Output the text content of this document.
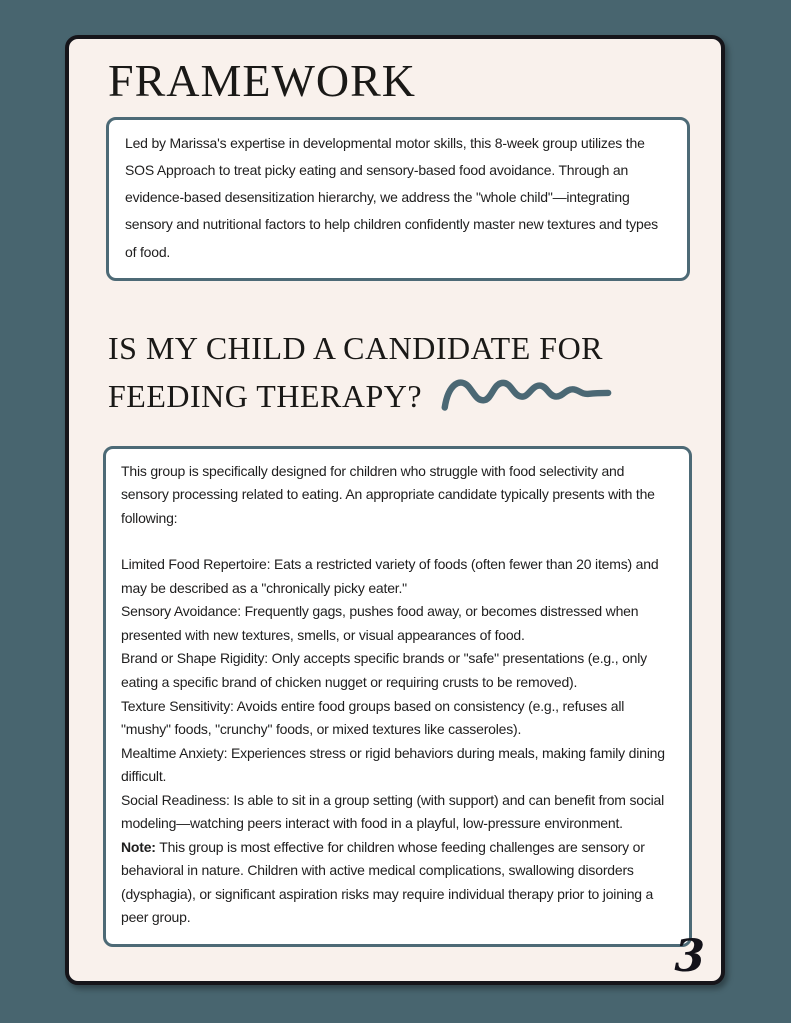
FRAMEWORK

Led by Marissa's expertise in developmental motor skills, this 8-week group utilizes the SOS Approach to treat picky eating and sensory-based food avoidance. Through an evidence-based desensitization hierarchy, we address the "whole child"—integrating sensory and nutritional factors to help children confidently master new textures and types of food.

IS MY CHILD A CANDIDATE FOR
FEEDING THERAPY?

This group is specifically designed for children who struggle with food selectivity and sensory processing related to eating. An appropriate candidate typically presents with the following:

Limited Food Repertoire: Eats a restricted variety of foods (often fewer than 20 items) and may be described as a "chronically picky eater."
Sensory Avoidance: Frequently gags, pushes food away, or becomes distressed when presented with new textures, smells, or visual appearances of food.
Brand or Shape Rigidity: Only accepts specific brands or "safe" presentations (e.g., only eating a specific brand of chicken nugget or requiring crusts to be removed).
Texture Sensitivity: Avoids entire food groups based on consistency (e.g., refuses all "mushy" foods, "crunchy" foods, or mixed textures like casseroles).
Mealtime Anxiety: Experiences stress or rigid behaviors during meals, making family dining difficult.
Social Readiness: Is able to sit in a group setting (with support) and can benefit from social modeling—watching peers interact with food in a playful, low-pressure environment.

Note: This group is most effective for children whose feeding challenges are sensory or behavioral in nature. Children with active medical complications, swallowing disorders (dysphagia), or significant aspiration risks may require individual therapy prior to joining a peer group.

3
